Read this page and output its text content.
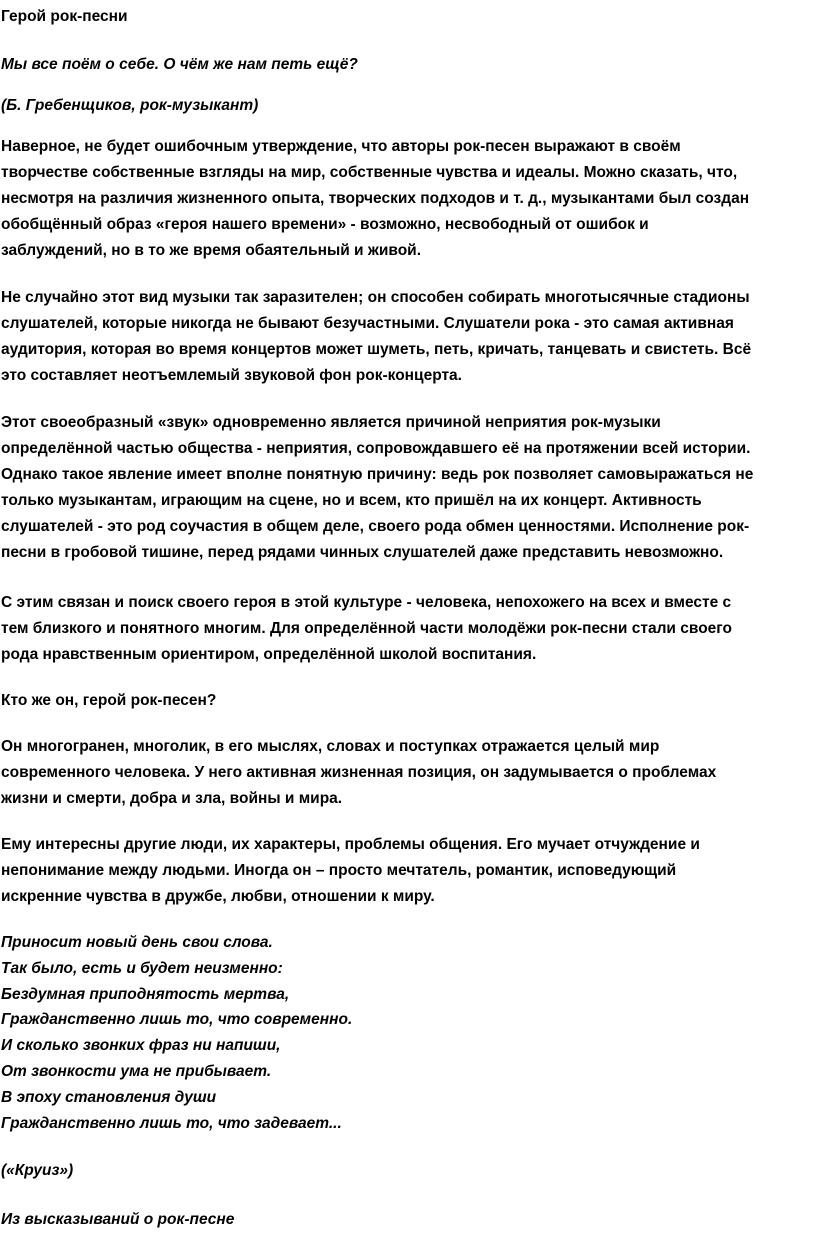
Герой рок-песни
Мы все поём о себе. О чём же нам петь ещё?
(Б. Гребенщиков, рок-музыкант)
Наверное, не будет ошибочным утверждение, что авторы рок-песен выражают в своём
творчестве собственные взгляды на мир, собственные чувства и идеалы. Можно сказать, что,
несмотря на различия жизненного опыта, творческих подходов и т. д., музыкантами был создан
обобщённый образ «героя нашего времени» - возможно, несвободный от ошибок и
заблуждений, но в то же время обаятельный и живой.
Не случайно этот вид музыки так заразителен; он способен собирать многотысячные стадионы
слушателей, которые никогда не бывают безучастными. Слушатели рока - это самая активная
аудитория, которая во время концертов может шуметь, петь, кричать, танцевать и свистеть. Всё
это составляет неотъемлемый звуковой фон рок-концерта.
Этот своеобразный «звук» одновременно является причиной неприятия рок-музыки
определённой частью общества - неприятия, сопровождавшего её на протяжении всей истории.
Однако такое явление имеет вполне понятную причину: ведь рок позволяет самовыражаться не
только музыкантам, играющим на сцене, но и всем, кто пришёл на их концерт. Активность
слушателей - это род соучастия в общем деле, своего рода обмен ценностями. Исполнение рок-
песни в гробовой тишине, перед рядами чинных слушателей даже представить невозможно.
С этим связан и поиск своего героя в этой культуре - человека, непохожего на всех и вместе с
тем близкого и понятного многим. Для определённой части молодёжи рок-песни стали своего
рода нравственным ориентиром, определённой школой воспитания.
Кто же он, герой рок-песен?
Он многогранен, многолик, в его мыслях, словах и поступках отражается целый мир
современного человека. У него активная жизненная позиция, он задумывается о проблемах
жизни и смерти, добра и зла, войны и мира.
Ему интересны другие люди, их характеры, проблемы общения. Его мучает отчуждение и
непонимание между людьми. Иногда он – просто мечтатель, романтик, исповедующий
искренние чувства в дружбе, любви, отношении к миру.
Приносит новый день свои слова.
Так было, есть и будет неизменно:
Бездумная приподнятость мертва,
Гражданственно лишь то, что современно.
И сколько звонких фраз ни напиши,
От звонкости ума не прибывает.
В эпоху становления души
Гражданственно лишь то, что задевает...
(«Круиз»)
Из высказываний о рок-песне
